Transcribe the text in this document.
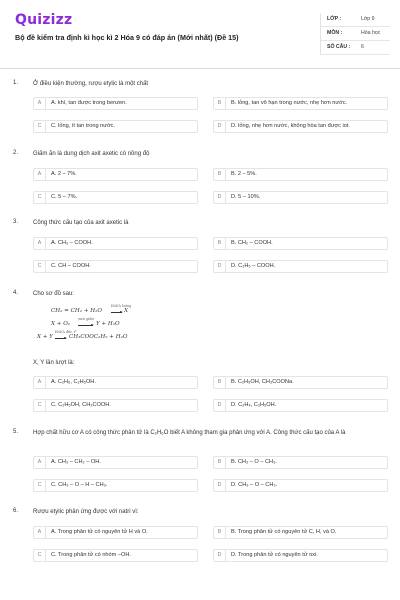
Quizizz
Bộ đề kiểm tra định kì học kì 2 Hóa 9 có đáp án (Mới nhất) (Đề 15)
LỚP :	Lớp 9
MÔN :	Hóa học
SỐ CÂU : 6
1. Ở điều kiện thường, rượu etylic là một chất
A	A. khí, tan được trong benzen.	B	B. lỏng, tan vô hạn trong nước, nhẹ hơn nước.
C	C. lỏng, ít tan trong nước.	D	D. lỏng, nhẹ hơn nước, không hòa tan được iot.
2. Giấm ăn là dung dịch axit axetic có nồng độ
A	A. 2 – 7%.	B	B. 2 – 5%.
C	C. 5 – 7%.	D	D. 5 – 10%.
3. Công thức cấu tạo của axit axetic là
A	A. CH₃ – COOH.	B	B. CH₂ – COOH.
C	C. CH – COOH.	D	D. C₂H₅ – COOH.
4. Cho sơ đồ sau:
CH₂ = CH₂ + H₂O
H₂SO₄ loãng
→ X
X + O₂
men giấm
→ Y + H₂O
X + Y
H₂SO₄ đặc, t°
→ CH₃COOC₂H₅ + H₂O
X, Y lần lượt là:
A	A. C₂H₆, C₂H₅OH.	B	B. C₂H₅OH, CH₃COONa.
C	C. C₂H₅OH, CH₃COOH.	D	D. C₂H₄, C₂H₅OH.
5. Hợp chất hữu cơ A có công thức phân tử là C₂H₆O biết A không tham gia phản ứng với A. Công thức cấu tạo của A là
A	A. CH₃ – CH₂ – OH.	B	B. CH₃ – O – CH₃.
C	C. CH₃ – O – H – CH₃.	D	D. CH₃ – O – CH₃.
6. Rượu etylic phản ứng được với natri vì:
A	A. Trong phân tử có nguyên tử H và O.	B	B. Trong phân tử có nguyên tử C, H, và O.
C	C. Trong phân tử có nhóm –OH.	D	D. Trong phân tử có nguyên tử oxi.
